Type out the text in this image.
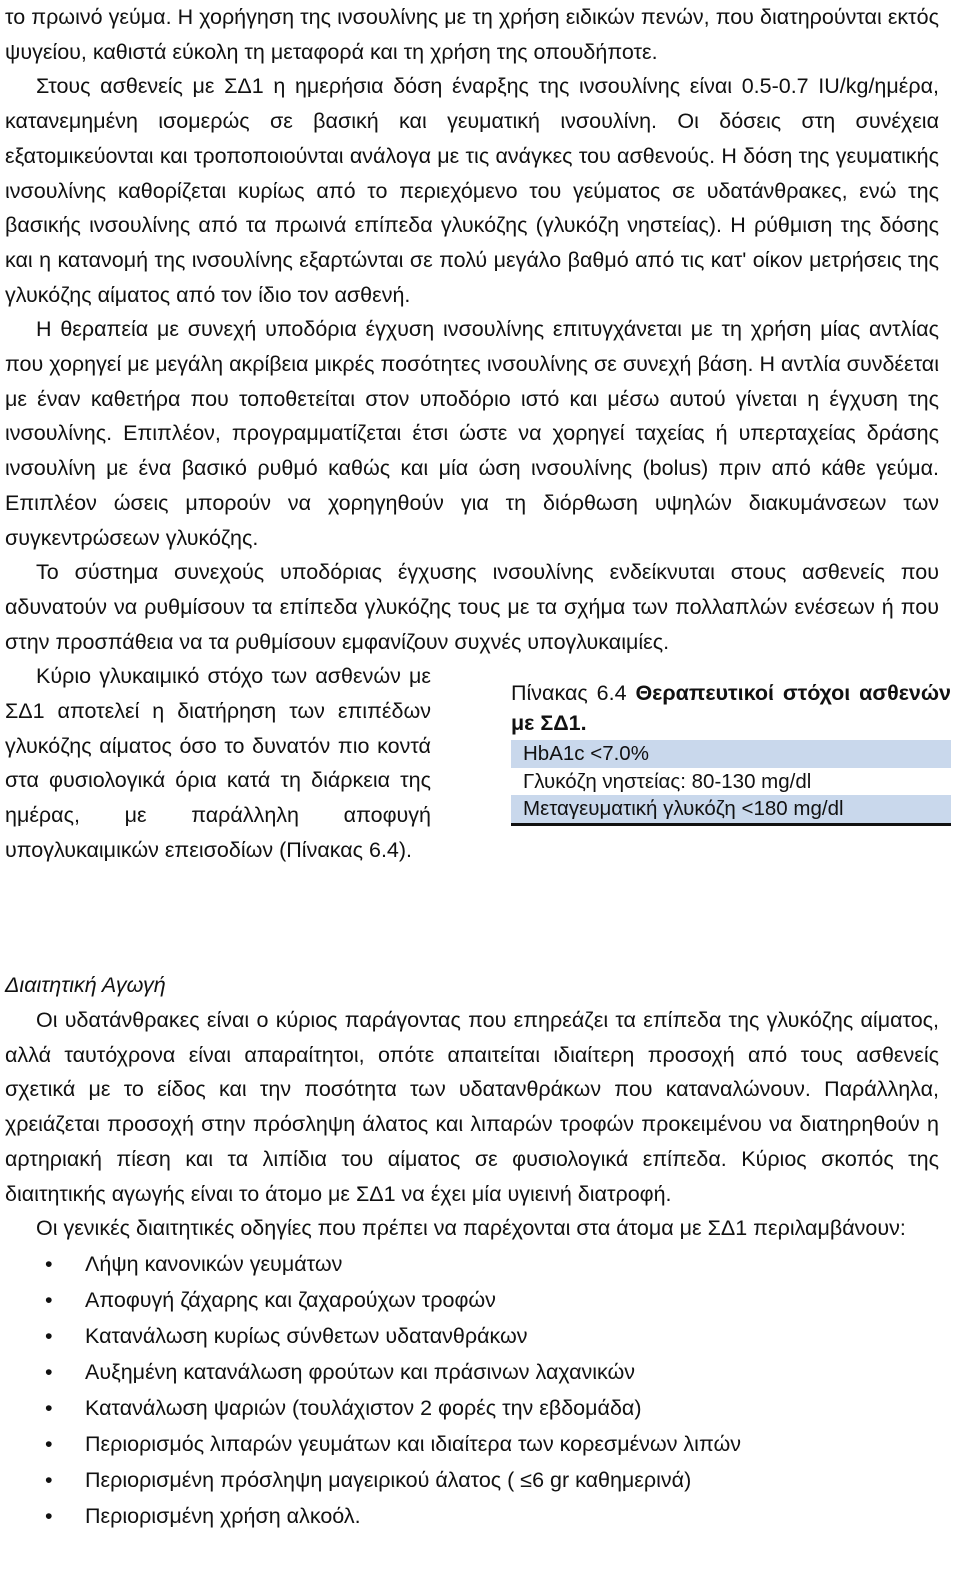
το πρωινό γεύμα. Η χορήγηση της ινσουλίνης με τη χρήση ειδικών πενών, που διατηρούνται εκτός ψυγείου, καθιστά εύκολη τη μεταφορά και τη χρήση της οπουδήποτε.

Στους ασθενείς με ΣΔ1 η ημερήσια δόση έναρξης της ινσουλίνης είναι 0.5-0.7 IU/kg/ημέρα, κατανεμημένη ισομερώς σε βασική και γευματική ινσουλίνη. Οι δόσεις στη συνέχεια εξατομικεύονται και τροποποιούνται ανάλογα με τις ανάγκες του ασθενούς. Η δόση της γευματικής ινσουλίνης καθορίζεται κυρίως από το περιεχόμενο του γεύματος σε υδατάνθρακες, ενώ της βασικής ινσουλίνης από τα πρωινά επίπεδα γλυκόζης (γλυκόζη νηστείας). Η ρύθμιση της δόσης και η κατανομή της ινσουλίνης εξαρτώνται σε πολύ μεγάλο βαθμό από τις κατ' οίκον μετρήσεις της γλυκόζης αίματος από τον ίδιο τον ασθενή.

Η θεραπεία με συνεχή υποδόρια έγχυση ινσουλίνης επιτυγχάνεται με τη χρήση μίας αντλίας που χορηγεί με μεγάλη ακρίβεια μικρές ποσότητες ινσουλίνης σε συνεχή βάση. Η αντλία συνδέεται με έναν καθετήρα που τοποθετείται στον υποδόριο ιστό και μέσω αυτού γίνεται η έγχυση της ινσουλίνης. Επιπλέον, προγραμματίζεται έτσι ώστε να χορηγεί ταχείας ή υπερταχείας δράσης ινσουλίνη με ένα βασικό ρυθμό καθώς και μία ώση ινσουλίνης (bolus) πριν από κάθε γεύμα. Επιπλέον ώσεις μπορούν να χορηγηθούν για τη διόρθωση υψηλών διακυμάνσεων των συγκεντρώσεων γλυκόζης.

Το σύστημα συνεχούς υποδόριας έγχυσης ινσουλίνης ενδείκνυται στους ασθενείς που αδυνατούν να ρυθμίσουν τα επίπεδα γλυκόζης τους με τα σχήμα των πολλαπλών ενέσεων ή που στην προσπάθεια να τα ρυθμίσουν εμφανίζουν συχνές υπογλυκαιμίες.

Κύριο γλυκαιμικό στόχο των ασθενών με ΣΔ1 αποτελεί η διατήρηση των επιπέδων γλυκόζης αίματος όσο το δυνατόν πιο κοντά στα φυσιολογικά όρια κατά τη διάρκεια της ημέρας, με παράλληλη αποφυγή υπογλυκαιμικών επεισοδίων (Πίνακας 6.4).

Πίνακας 6.4 Θεραπευτικοί στόχοι ασθενών με ΣΔ1.
HbA1c <7.0%
Γλυκόζη νηστείας: 80-130 mg/dl
Μεταγευματική γλυκόζη <180 mg/dl

Διαιτητική Αγωγή

Οι υδατάνθρακες είναι ο κύριος παράγοντας που επηρεάζει τα επίπεδα της γλυκόζης αίματος, αλλά ταυτόχρονα είναι απαραίτητοι, οπότε απαιτείται ιδιαίτερη προσοχή από τους ασθενείς σχετικά με το είδος και την ποσότητα των υδατανθράκων που καταναλώνουν. Παράλληλα, χρειάζεται προσοχή στην πρόσληψη άλατος και λιπαρών τροφών προκειμένου να διατηρηθούν η αρτηριακή πίεση και τα λιπίδια του αίματος σε φυσιολογικά επίπεδα. Κύριος σκοπός της διαιτητικής αγωγής είναι το άτομο με ΣΔ1 να έχει μία υγιεινή διατροφή.

Οι γενικές διαιτητικές οδηγίες που πρέπει να παρέχονται στα άτομα με ΣΔ1 περιλαμβάνουν:

• Λήψη κανονικών γευμάτων
• Αποφυγή ζάχαρης και ζαχαρούχων τροφών
• Κατανάλωση κυρίως σύνθετων υδατανθράκων
• Αυξημένη κατανάλωση φρούτων και πράσινων λαχανικών
• Κατανάλωση ψαριών (τουλάχιστον 2 φορές την εβδομάδα)
• Περιορισμός λιπαρών γευμάτων και ιδιαίτερα των κορεσμένων λιπών
• Περιορισμένη πρόσληψη μαγειρικού άλατος ( ≤6 gr καθημερινά)
• Περιορισμένη χρήση αλκοόλ.
